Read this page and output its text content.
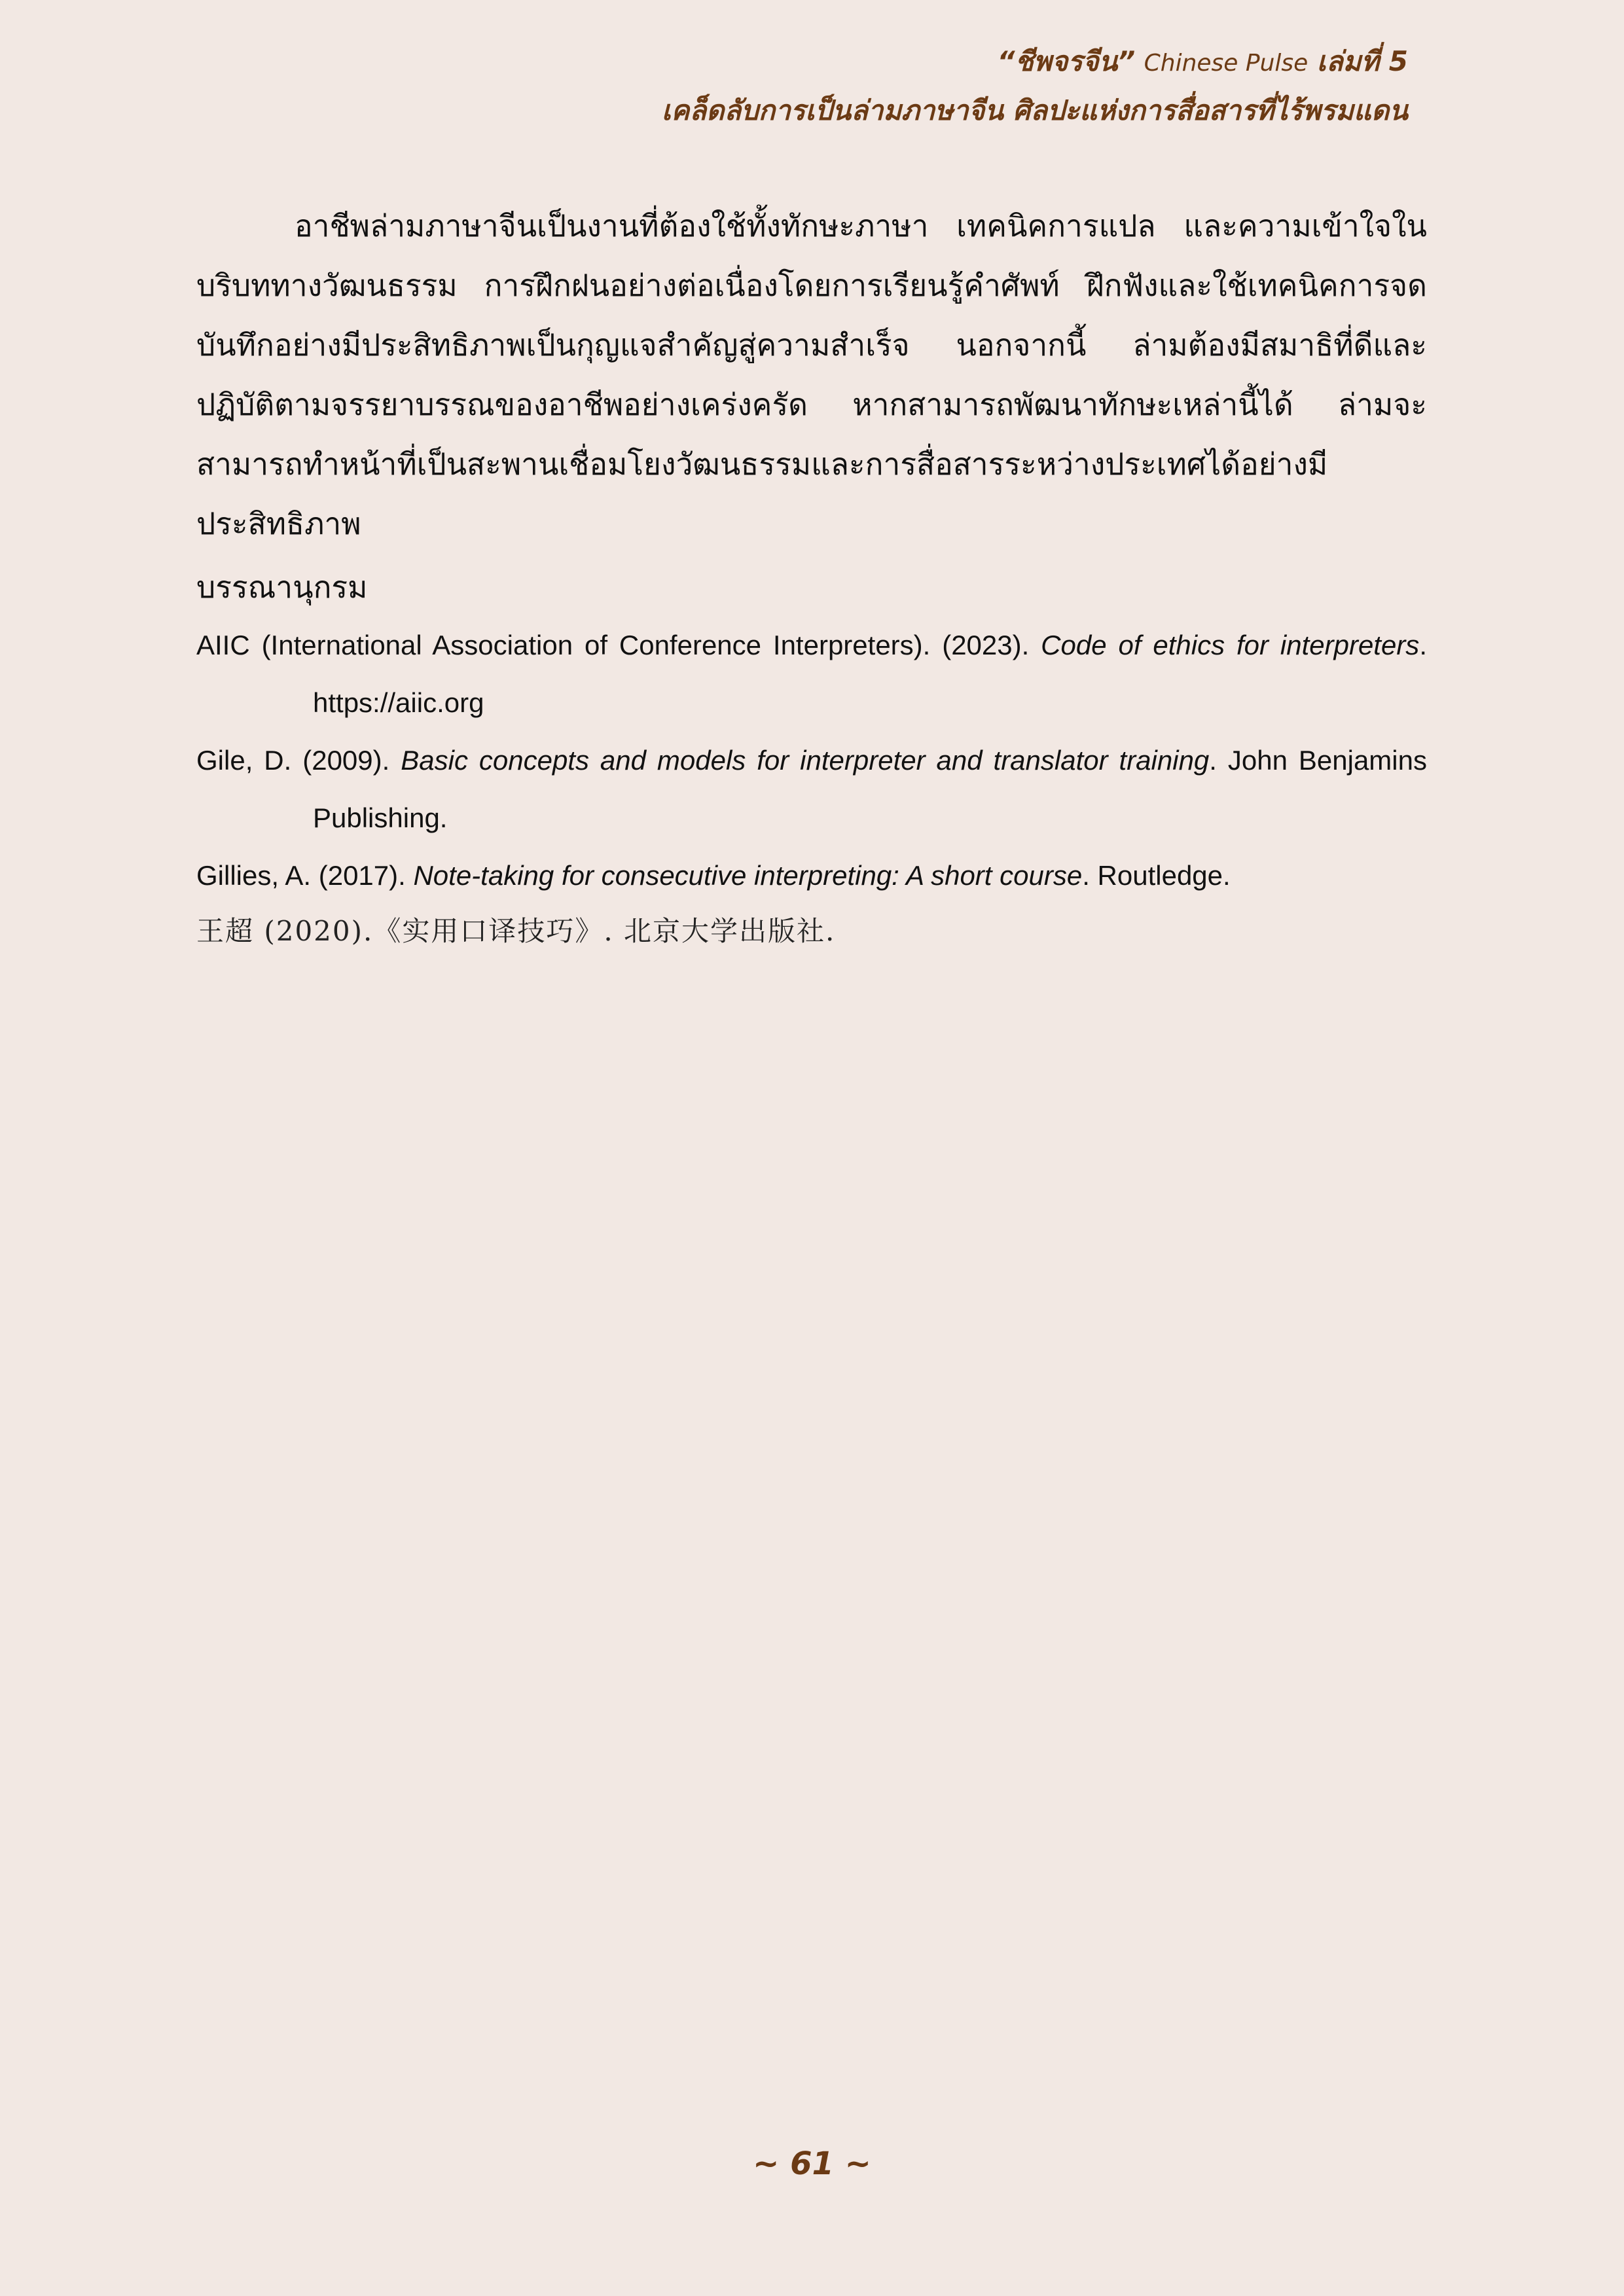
“ชีพจรจีน” Chinese Pulse เล่มที่ 5
เคล็ดลับการเป็นล่ามภาษาจีน ศิลปะแห่งการสื่อสารที่ไร้พรมแดน

อาชีพล่ามภาษาจีนเป็นงานที่ต้องใช้ทั้งทักษะภาษา เทคนิคการแปล และความเข้าใจในบริบททางวัฒนธรรม การฝึกฝนอย่างต่อเนื่องโดยการเรียนรู้คำศัพท์ ฝึกฟังและใช้เทคนิคการจดบันทึกอย่างมีประสิทธิภาพเป็นกุญแจสำคัญสู่ความสำเร็จ นอกจากนี้ ล่ามต้องมีสมาธิที่ดีและปฏิบัติตามจรรยาบรรณของอาชีพอย่างเคร่งครัด หากสามารถพัฒนาทักษะเหล่านี้ได้ ล่ามจะสามารถทำหน้าที่เป็นสะพานเชื่อมโยงวัฒนธรรมและการสื่อสารระหว่างประเทศได้อย่างมีประสิทธิภาพ

บรรณานุกรม

AIIC (International Association of Conference Interpreters). (2023). Code of ethics for interpreters. https://aiic.org

Gile, D. (2009). Basic concepts and models for interpreter and translator training. John Benjamins Publishing.

Gillies, A. (2017). Note-taking for consecutive interpreting: A short course. Routledge.

王超 (2020).《实用口译技巧》. 北京大学出版社.

~ 61 ~
